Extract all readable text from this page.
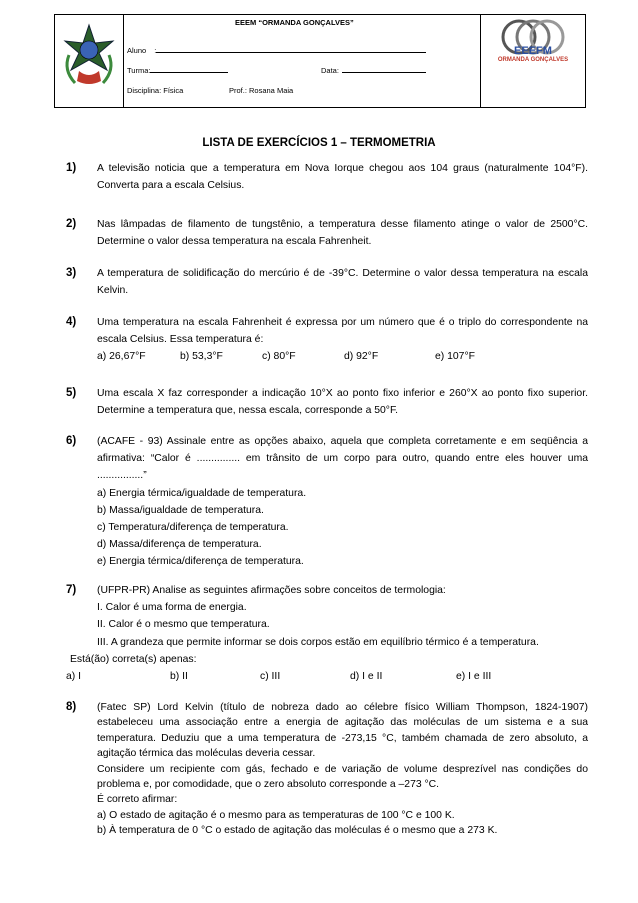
EEEM “ORMANDA GONÇALVES”
Aluno :
Turma:	Data:
Disciplina: Física	Prof.: Rosana Maia
EEEFM
ORMANDA GONÇALVES
LISTA DE EXERCÍCIOS 1 – TERMOMETRIA
1) A televisão noticia que a temperatura em Nova Iorque chegou aos 104 graus (naturalmente 104°F). Converta para a escala Celsius.

2) Nas lâmpadas de filamento de tungstênio, a temperatura desse filamento atinge o valor de 2500°C. Determine o valor dessa temperatura na escala Fahrenheit.

3) A temperatura de solidificação do mercúrio é de -39°C. Determine o valor dessa temperatura na escala Kelvin.

4) Uma temperatura na escala Fahrenheit é expressa por um número que é o triplo do correspondente na escala Celsius. Essa temperatura é:

a) 26,67°F	b) 53,3°F	c) 80°F	d) 92°F	e) 107°F
5) Uma escala X faz corresponder a indicação 10°X ao ponto fixo inferior e 260°X ao ponto fixo superior. Determine a temperatura que, nessa escala, corresponde a 50°F.

6) (ACAFE - 93) Assinale entre as opções abaixo, aquela que completa corretamente e em seqüência a afirmativa: “Calor é ............... em trânsito de um corpo para outro, quando entre eles houver uma ................”

a) Energia térmica/igualdade de temperatura.

b) Massa/igualdade de temperatura.

c) Temperatura/diferença de temperatura.

d) Massa/diferença de temperatura.

e) Energia térmica/diferença de temperatura.

7) (UFPR-PR) Analise as seguintes afirmações sobre conceitos de termologia:

I. Calor é uma forma de energia.

II. Calor é o mesmo que temperatura.

III. A grandeza que permite informar se dois corpos estão em equilíbrio térmico é a temperatura.

Está(ão) correta(s) apenas:
a) I	b) II	c) III	d) I e II	e) I e III
8) (Fatec SP) Lord Kelvin (título de nobreza dado ao célebre físico William Thompson, 1824-1907) estabeleceu uma associação entre a energia de agitação das moléculas de um sistema e a sua temperatura. Deduziu que a uma temperatura de -273,15 °C, também chamada de zero absoluto, a agitação térmica das moléculas deveria cessar.

Considere um recipiente com gás, fechado e de variação de volume desprezível nas condições do problema e, por comodidade, que o zero absoluto corresponde a –273 °C.

É correto afirmar:

a) O estado de agitação é o mesmo para as temperaturas de 100 °C e 100 K.

b) À temperatura de 0 °C o estado de agitação das moléculas é o mesmo que a 273 K.
